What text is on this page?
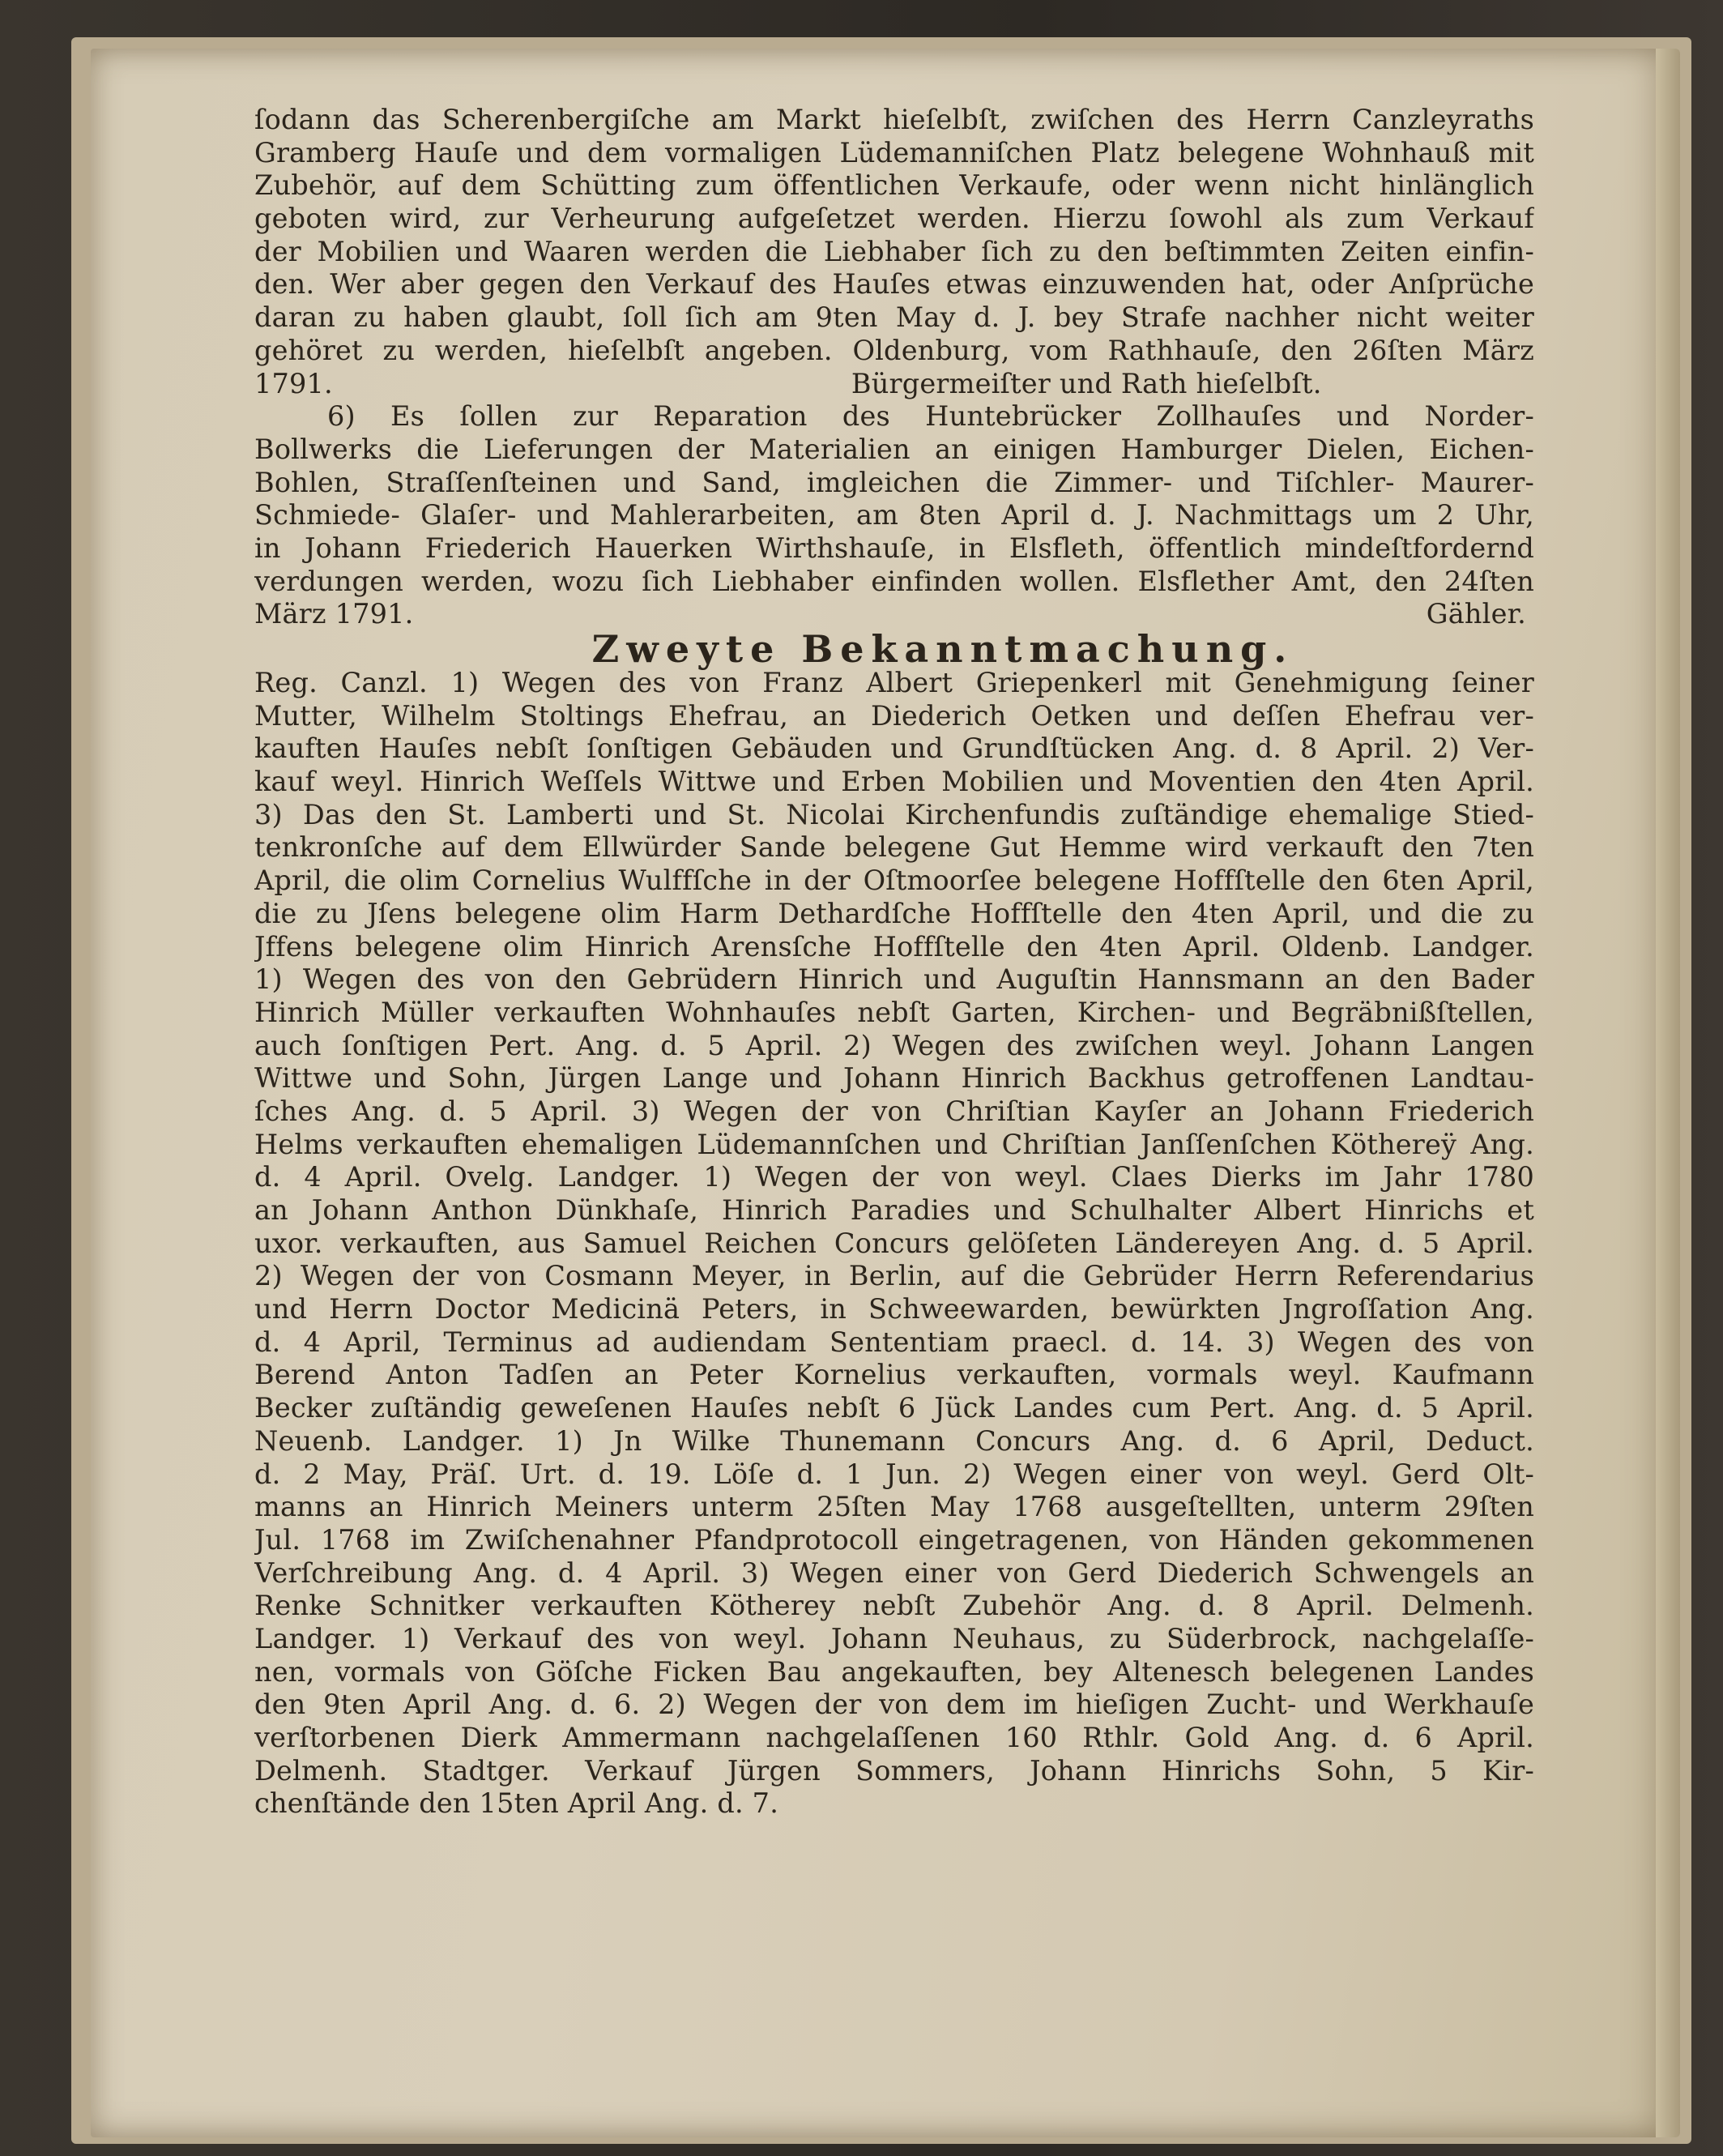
ſodann das Scherenbergiſche am Markt hieſelbſt, zwiſchen des Herrn Canzleyraths
Gramberg Hauſe und dem vormaligen Lüdemanniſchen Platz belegene Wohnhauß mit
Zubehör, auf dem Schütting zum öffentlichen Verkaufe, oder wenn nicht hinlänglich
geboten wird, zur Verheurung aufgeſetzet werden. Hierzu ſowohl als zum Verkauf
der Mobilien und Waaren werden die Liebhaber ſich zu den beſtimmten Zeiten einfin-
den. Wer aber gegen den Verkauf des Hauſes etwas einzuwenden hat, oder Anſprüche
daran zu haben glaubt, ſoll ſich am 9ten May d. J. bey Strafe nachher nicht weiter
gehöret zu werden, hieſelbſt angeben. Oldenburg, vom Rathhauſe, den 26ſten März
1791.	Bürgermeiſter und Rath hieſelbſt.
6) Es ſollen zur Reparation des Huntebrücker Zollhauſes und Norder-
Bollwerks die Lieferungen der Materialien an einigen Hamburger Dielen, Eichen-
Bohlen, Straſſenſteinen und Sand, imgleichen die Zimmer- und Tiſchler- Maurer-
Schmiede- Glaſer- und Mahlerarbeiten, am 8ten April d. J. Nachmittags um 2 Uhr,
in Johann Friederich Hauerken Wirthshauſe, in Elsfleth, öffentlich mindeſtfordernd
verdungen werden, wozu ſich Liebhaber einfinden wollen. Elsflether Amt, den 24ſten
März 1791.	Gähler.
Zweyte Bekanntmachung.
Reg. Canzl. 1) Wegen des von Franz Albert Griepenkerl mit Genehmigung ſeiner
Mutter, Wilhelm Stoltings Ehefrau, an Diederich Oetken und deſſen Ehefrau ver-
kauften Hauſes nebſt ſonſtigen Gebäuden und Grundſtücken Ang. d. 8 April. 2) Ver-
kauf weyl. Hinrich Weſſels Wittwe und Erben Mobilien und Moventien den 4ten April.
3) Das den St. Lamberti und St. Nicolai Kirchenfundis zuſtändige ehemalige Stied-
tenkronſche auf dem Ellwürder Sande belegene Gut Hemme wird verkauft den 7ten
April, die olim Cornelius Wulffſche in der Oſtmoorſee belegene Hoffſtelle den 6ten April,
die zu Jſens belegene olim Harm Dethardſche Hoffſtelle den 4ten April, und die zu
Jffens belegene olim Hinrich Arensſche Hoffſtelle den 4ten April. Oldenb. Landger.
1) Wegen des von den Gebrüdern Hinrich und Auguſtin Hannsmann an den Bader
Hinrich Müller verkauften Wohnhauſes nebſt Garten, Kirchen- und Begräbnißſtellen,
auch ſonſtigen Pert. Ang. d. 5 April. 2) Wegen des zwiſchen weyl. Johann Langen
Wittwe und Sohn, Jürgen Lange und Johann Hinrich Backhus getroffenen Landtau-
ſches Ang. d. 5 April. 3) Wegen der von Chriſtian Kayſer an Johann Friederich
Helms verkauften ehemaligen Lüdemannſchen und Chriſtian Janſſenſchen Köthereÿ Ang.
d. 4 April. Ovelg. Landger. 1) Wegen der von weyl. Claes Dierks im Jahr 1780
an Johann Anthon Dünkhaſe, Hinrich Paradies und Schulhalter Albert Hinrichs et
uxor. verkauften, aus Samuel Reichen Concurs gelöſeten Ländereyen Ang. d. 5 April.
2) Wegen der von Cosmann Meyer, in Berlin, auf die Gebrüder Herrn Referendarius
und Herrn Doctor Medicinä Peters, in Schweewarden, bewürkten Jngroſſation Ang.
d. 4 April, Terminus ad audiendam Sententiam praecl. d. 14. 3) Wegen des von
Berend Anton Tadſen an Peter Kornelius verkauften, vormals weyl. Kaufmann
Becker zuſtändig geweſenen Hauſes nebſt 6 Jück Landes cum Pert. Ang. d. 5 April.
Neuenb. Landger. 1) Jn Wilke Thunemann Concurs Ang. d. 6 April, Deduct.
d. 2 May, Präſ. Urt. d. 19. Löſe d. 1 Jun. 2) Wegen einer von weyl. Gerd Olt-
manns an Hinrich Meiners unterm 25ſten May 1768 ausgeſtellten, unterm 29ſten
Jul. 1768 im Zwiſchenahner Pfandprotocoll eingetragenen, von Händen gekommenen
Verſchreibung Ang. d. 4 April. 3) Wegen einer von Gerd Diederich Schwengels an
Renke Schnitker verkauften Kötherey nebſt Zubehör Ang. d. 8 April. Delmenh.
Landger. 1) Verkauf des von weyl. Johann Neuhaus, zu Süderbrock, nachgelaſſe-
nen, vormals von Göſche Ficken Bau angekauften, bey Altenesch belegenen Landes
den 9ten April Ang. d. 6. 2) Wegen der von dem im hieſigen Zucht- und Werkhauſe
verſtorbenen Dierk Ammermann nachgelaſſenen 160 Rthlr. Gold Ang. d. 6 April.
Delmenh. Stadtger. Verkauf Jürgen Sommers, Johann Hinrichs Sohn, 5 Kir-
chenſtände den 15ten April Ang. d. 7.
